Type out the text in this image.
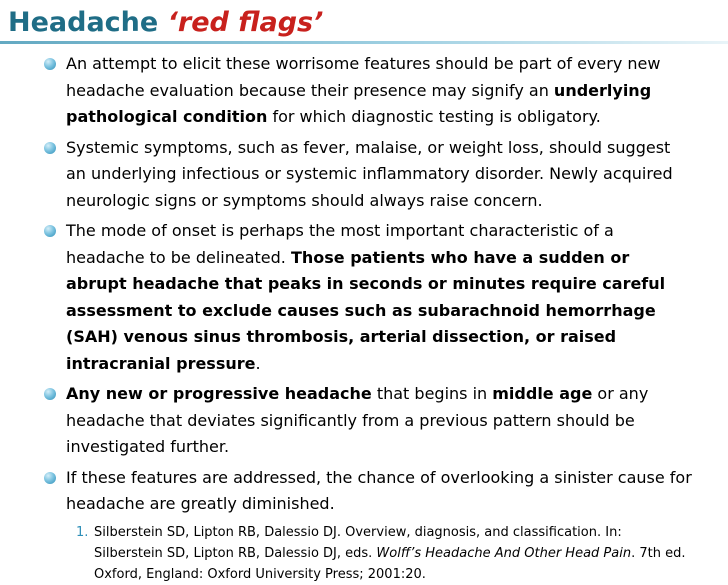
Headache ‘red flags’
An attempt to elicit these worrisome features should be part of every new headache evaluation because their presence may signify an underlying pathological condition for which diagnostic testing is obligatory.
Systemic symptoms, such as fever, malaise, or weight loss, should suggest an underlying infectious or systemic inflammatory disorder. Newly acquired neurologic signs or symptoms should always raise concern.
The mode of onset is perhaps the most important characteristic of a headache to be delineated. Those patients who have a sudden or abrupt headache that peaks in seconds or minutes require careful assessment to exclude causes such as subarachnoid hemorrhage (SAH) venous sinus thrombosis, arterial dissection, or raised intracranial pressure.
Any new or progressive headache that begins in middle age or any headache that deviates significantly from a previous pattern should be investigated further.
If these features are addressed, the chance of overlooking a sinister cause for headache are greatly diminished.
1. Silberstein SD, Lipton RB, Dalessio DJ. Overview, diagnosis, and classification. In: Silberstein SD, Lipton RB, Dalessio DJ, eds. Wolff’s Headache And Other Head Pain. 7th ed. Oxford, England: Oxford University Press; 2001:20.
